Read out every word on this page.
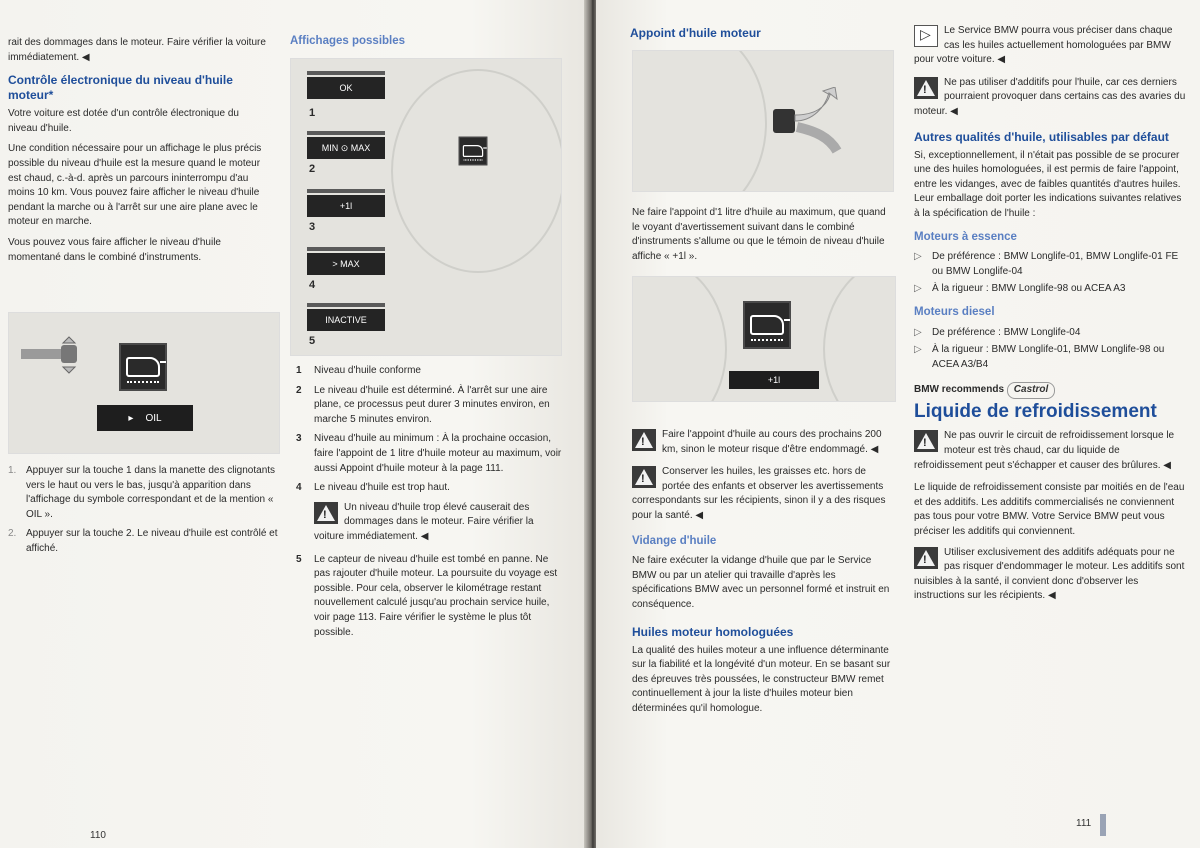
rait des dommages dans le moteur. Faire vérifier la voiture immédiatement. ◀

Contrôle électronique du niveau d'huile moteur*

Votre voiture est dotée d'un contrôle électronique du niveau d'huile.

Une condition nécessaire pour un affichage le plus précis possible du niveau d'huile est la mesure quand le moteur est chaud, c.-à-d. après un parcours ininterrompu d'au moins 10 km. Vous pouvez faire afficher le niveau d'huile pendant la marche ou à l'arrêt sur une aire plane avec le moteur en marche.

Vous pouvez vous faire afficher le niveau d'huile momentané dans le combiné d'instruments.

▸ OIL
1. Appuyer sur la touche 1 dans la manette des clignotants vers le haut ou vers le bas, jusqu'à apparition dans l'affichage du symbole correspondant et de la mention « OIL ».
2. Appuyer sur la touche 2. Le niveau d'huile est contrôlé et affiché.
Affichages possibles
OK
1
MIN ⊙ MAX
2
+1l
3
> MAX
4
INACTIVE
5
1	Niveau d'huile conforme
2	Le niveau d'huile est déterminé. À l'arrêt sur une aire plane, ce processus peut durer 3 minutes environ, en marche 5 minutes environ.
3	Niveau d'huile au minimum : À la prochaine occasion, faire l'appoint de 1 litre d'huile moteur au maximum, voir aussi Appoint d'huile moteur à la page 111.
4	Le niveau d'huile est trop haut.
!
Un niveau d'huile trop élevé causerait des dommages dans le moteur. Faire vérifier la voiture immédiatement. ◀
5	Le capteur de niveau d'huile est tombé en panne. Ne pas rajouter d'huile moteur. La poursuite du voyage est possible. Pour cela, observer le kilométrage restant nouvellement calculé jusqu'au prochain service huile, voir page 113. Faire vérifier le système le plus tôt possible.
110
Appoint d'huile moteur

Ne faire l'appoint d'1 litre d'huile au maximum, que quand le voyant d'avertissement suivant dans le combiné d'instruments s'allume ou que le témoin de niveau d'huile affiche « +1l ».

+1l
!
Faire l'appoint d'huile au cours des prochains 200 km, sinon le moteur risque d'être endommagé. ◀
!
Conserver les huiles, les graisses etc. hors de portée des enfants et observer les avertissements correspondants sur les récipients, sinon il y a des risques pour la santé. ◀
Vidange d'huile

Ne faire exécuter la vidange d'huile que par le Service BMW ou par un atelier qui travaille d'après les spécifications BMW avec un personnel formé et instruit en conséquence.

Huiles moteur homologuées

La qualité des huiles moteur a une influence déterminante sur la fiabilité et la longévité d'un moteur. En se basant sur des épreuves très poussées, le constructeur BMW remet continuellement à jour la liste d'huiles moteur bien déterminées qu'il homologue.

▷
Le Service BMW pourra vous préciser dans chaque cas les huiles actuellement homologuées par BMW pour votre voiture. ◀
!
Ne pas utiliser d'additifs pour l'huile, car ces derniers pourraient provoquer dans certains cas des avaries du moteur. ◀
Autres qualités d'huile, utilisables par défaut

Si, exceptionnellement, il n'était pas possible de se procurer une des huiles homologuées, il est permis de faire l'appoint, entre les vidanges, avec de faibles quantités d'autres huiles. Leur emballage doit porter les indications suivantes relatives à la spécification de l'huile :

Moteurs à essence
▷	De préférence : BMW Longlife-01, BMW Longlife-01 FE ou BMW Longlife-04
▷	À la rigueur : BMW Longlife-98 ou ACEA A3
Moteurs diesel
▷	De préférence : BMW Longlife-04
▷	À la rigueur : BMW Longlife-01, BMW Longlife-98 ou ACEA A3/B4

BMW recommends Castrol

Liquide de refroidissement
!
Ne pas ouvrir le circuit de refroidissement lorsque le moteur est très chaud, car du liquide de refroidissement peut s'échapper et causer des brûlures. ◀

Le liquide de refroidissement consiste par moitiés en de l'eau et des additifs. Les additifs commercialisés ne conviennent pas tous pour votre BMW. Votre Service BMW peut vous préciser les additifs qui conviennent.

!
Utiliser exclusivement des additifs adéquats pour ne pas risquer d'endommager le moteur. Les additifs sont nuisibles à la santé, il convient donc d'observer les instructions sur les récipients. ◀
111
